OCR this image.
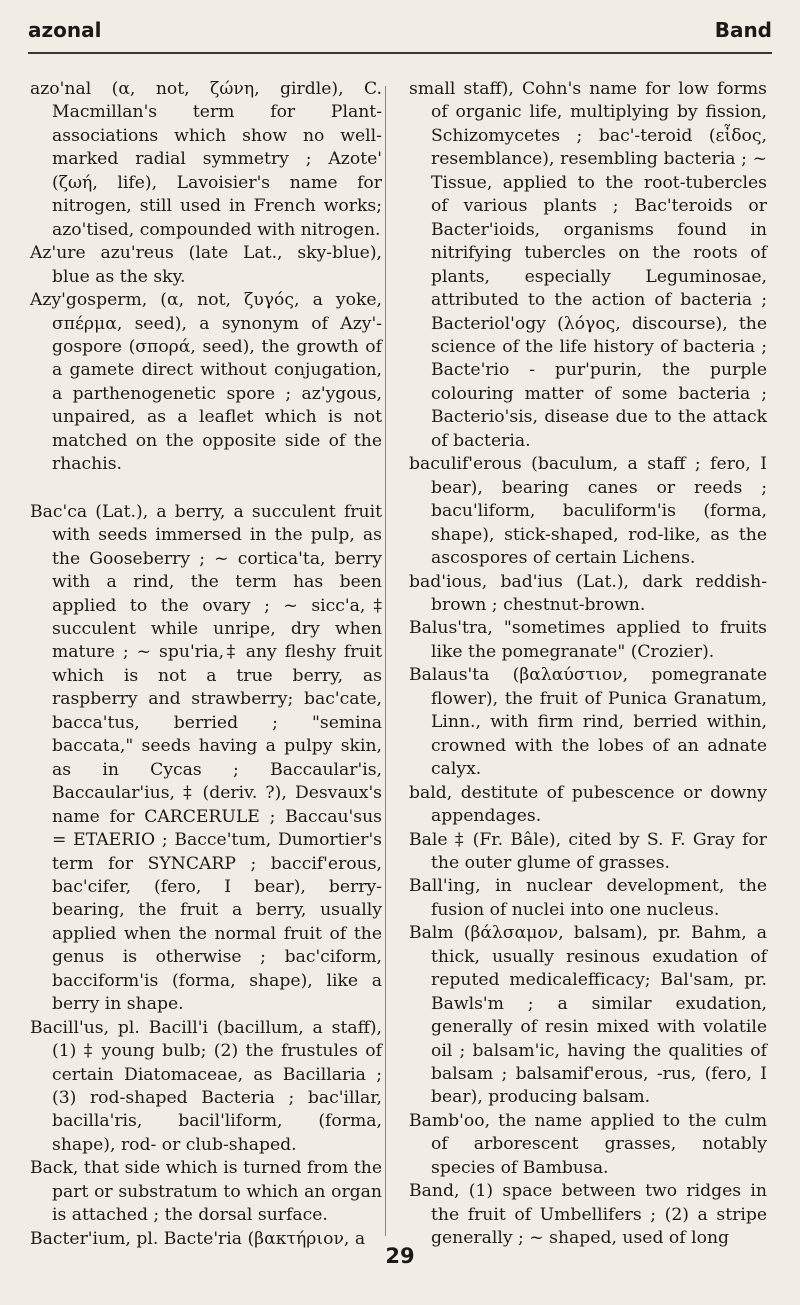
azonal	Band

azo'nal (α, not, ζώνη, girdle), C. Macmillan's term for Plant-associations which show no well-marked radial symmetry ; Azote' (ζωή, life), Lavoisier's name for nitrogen, still used in French works; azo'tised, compounded with nitrogen.

Az'ure azu'reus (late Lat., sky-blue), blue as the sky.

Azy'gosperm, (α, not, ζυγός, a yoke, σπέρμα, seed), a synonym of Azy'-gospore (σπορά, seed), the growth of a gamete direct without conjugation, a parthenogenetic spore ; az'ygous, unpaired, as a leaflet which is not matched on the opposite side of the rhachis.

Bac'ca (Lat.), a berry, a succulent fruit with seeds immersed in the pulp, as the Gooseberry ; ~ cortica'ta, berry with a rind, the term has been applied to the ovary ; ~ sicc'a,‡ succulent while unripe, dry when mature ; ~ spu'ria,‡ any fleshy fruit which is not a true berry, as raspberry and strawberry; bac'cate, bacca'tus, berried ; "semina baccata," seeds having a pulpy skin, as in Cycas ; Baccaular'is, Baccaular'ius, ‡ (deriv. ?), Desvaux's name for CARCERULE ; Baccau'sus = ETAERIO ; Bacce'tum, Dumortier's term for SYNCARP ; baccif'erous, bac'cifer, (fero, I bear), berry-bearing, the fruit a berry, usually applied when the normal fruit of the genus is otherwise ; bac'ciform, bacciform'is (forma, shape), like a berry in shape.

Bacill'us, pl. Bacill'i (bacillum, a staff), (1) ‡ young bulb; (2) the frustules of certain Diatomaceae, as Bacillaria ; (3) rod-shaped Bacteria ; bac'illar, bacilla'ris, bacil'liform, (forma, shape), rod- or club-shaped.

Back, that side which is turned from the part or substratum to which an organ is attached ; the dorsal surface.

Bacter'ium, pl. Bacte'ria (βακτήριον, a

small staff), Cohn's name for low forms of organic life, multiplying by fission, Schizomycetes ; bac'-teroid (εἶδος, resemblance), resembling bacteria ; ~ Tissue, applied to the root-tubercles of various plants ; Bac'teroids or Bacter'ioids, organisms found in nitrifying tubercles on the roots of plants, especially Leguminosae, attributed to the action of bacteria ; Bacteriol'ogy (λόγος, discourse), the science of the life history of bacteria ; Bacte'rio - pur'purin, the purple colouring matter of some bacteria ; Bacterio'sis, disease due to the attack of bacteria.

baculif'erous (baculum, a staff ; fero, I bear), bearing canes or reeds ; bacu'liform, baculiform'is (forma, shape), stick-shaped, rod-like, as the ascospores of certain Lichens.

bad'ious, bad'ius (Lat.), dark reddish-brown ; chestnut-brown.

Balus'tra, "sometimes applied to fruits like the pomegranate" (Crozier).

Balaus'ta (βαλαύστιον, pomegranate flower), the fruit of Punica Granatum, Linn., with firm rind, berried within, crowned with the lobes of an adnate calyx.

bald, destitute of pubescence or downy appendages.

Bale ‡ (Fr. Bâle), cited by S. F. Gray for the outer glume of grasses.

Ball'ing, in nuclear development, the fusion of nuclei into one nucleus.

Balm (βάλσαμον, balsam), pr. Bahm, a thick, usually resinous exudation of reputed medicalefficacy; Bal'sam, pr. Bawls'm ; a similar exudation, generally of resin mixed with volatile oil ; balsam'ic, having the qualities of balsam ; balsamif'erous, -rus, (fero, I bear), producing balsam.

Bamb'oo, the name applied to the culm of arborescent grasses, notably species of Bambusa.

Band, (1) space between two ridges in the fruit of Umbellifers ; (2) a stripe generally ; ~ shaped, used of long

29
